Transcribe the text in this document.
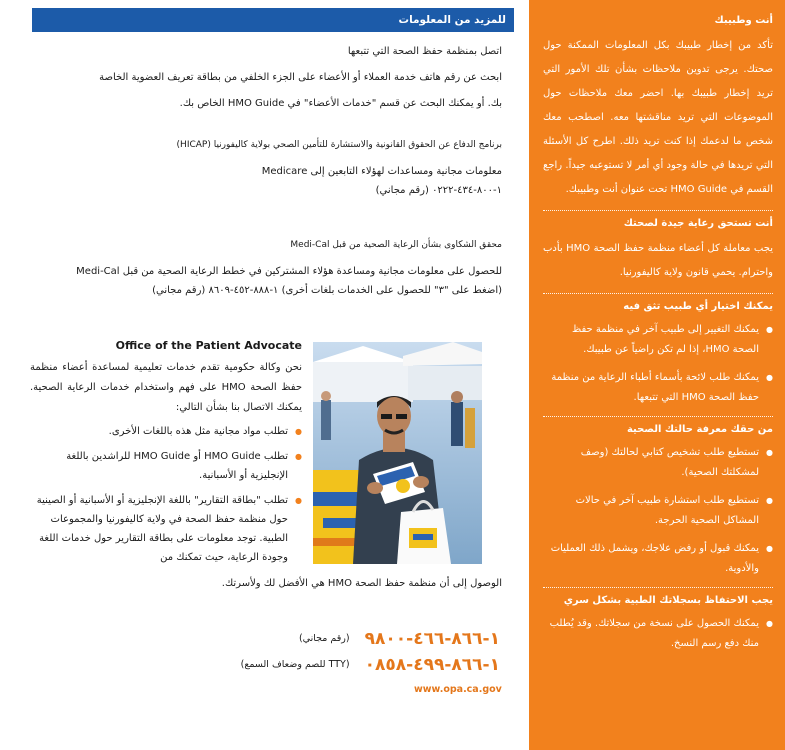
أنت وطبيبك

تأكد من إخطار طبيبك بكل المعلومات الممكنة حول صحتك. يرجى تدوين ملاحظات بشأن تلك الأمور التي تريد إخطار طبيبك بها. احضر معك ملاحظات حول الموضوعات التي تريد مناقشتها معه. اصطحب معك شخص ما لدعمك إذا كنت تريد ذلك. اطرح كل الأسئلة التي تريدها في حالة وجود أي أمر لا تستوعبه جيداً. راجع القسم في HMO Guide تحت عنوان أنت وطبيبك.

أنت تستحق رعاية جيدة لصحتك

يجب معاملة كل أعضاء منظمة حفظ الصحة HMO بأدب واحترام. يحمي قانون ولاية كاليفورنيا.

يمكنك اختيار أي طبيب تثق فيه
● يمكنك التغيير إلى طبيب آخر في منظمة حفظ الصحة HMO، إذا لم تكن راضياً عن طبيبك.
● يمكنك طلب لائحة بأسماء أطباء الرعاية من منظمة حفظ الصحة HMO التي تتبعها.
من حقك معرفة حالتك الصحية
● تستطيع طلب تشخيص كتابي لحالتك (وصف لمشكلتك الصحية).
● تستطيع طلب استشارة طبيب آخر في حالات المشاكل الصحية الحرجة.
● يمكنك قبول أو رفض علاجك، ويشمل ذلك العمليات والأدوية.
يجب الاحتفاظ بسجلاتك الطبية بشكل سري
● يمكنك الحصول على نسخة من سجلاتك. وقد يُطلب منك دفع رسم النسخ.
للمزيد من المعلومات
اتصل بمنظمة حفظ الصحة التي تتبعها
ابحث عن رقم هاتف خدمة العملاء أو الأعضاء على الجزء الخلفي من بطاقة تعريف العضوية الخاصة
بك. أو يمكنك البحث عن قسم "خدمات الأعضاء" في HMO Guide الخاص بك.
برنامج الدفاع عن الحقوق القانونية والاستشارة للتأمين الصحي بولاية كاليفورنيا (HICAP)
معلومات مجانية ومساعدات لهؤلاء التابعين إلى Medicare
١-٨٠٠-٤٣٤-٠٢٢٢ (رقم مجاني)
محقق الشكاوى بشأن الرعاية الصحية من قبل Medi-Cal
للحصول على معلومات مجانية ومساعدة هؤلاء المشتركين في خطط الرعاية الصحية من قبل Medi-Cal
(اضغط على "٣" للحصول على الخدمات بلغات أخرى) ١-٨٨٨-٤٥٢-٨٦٠٩ (رقم مجاني)
Office of the Patient Advocate

نحن وكالة حكومية تقدم خدمات تعليمية لمساعدة أعضاء منظمة حفظ الصحة HMO على فهم واستخدام خدمات الرعاية الصحية. يمكنك الاتصال بنا بشأن التالي:

● تطلب مواد مجانية مثل هذه باللغات الأخرى.
● تطلب HMO Guide أو HMO Guide للراشدين باللغة الإنجليزية أو الأسبانية.
● تطلب "بطاقة التقارير" باللغة الإنجليزية أو الأسبانية أو الصينية حول منظمة حفظ الصحة في ولاية كاليفورنيا والمجموعات الطبية. توجد معلومات على بطاقة التقارير حول خدمات اللغة وجودة الرعاية، حيث تمكنك من
الوصول إلى أن منظمة حفظ الصحة HMO هي الأفضل لك ولأسرتك.
١-٨٦٦-٤٦٦-٩٨٠٠ (رقم مجاني)
١-٨٦٦-٤٩٩-٠٨٥٨ (TTY للصم وضعاف السمع)
www.opa.ca.gov
